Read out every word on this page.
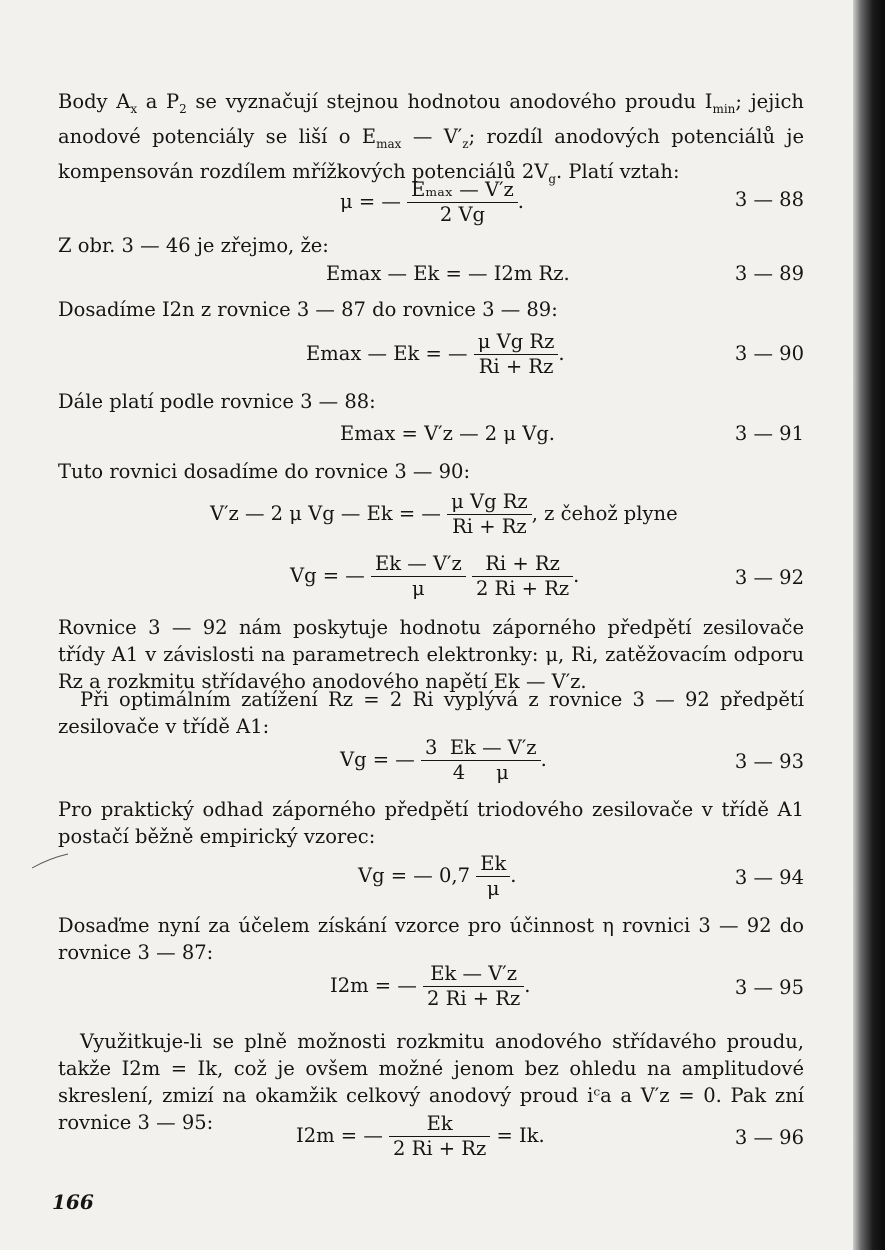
Body $A_x$ a $P_2$ se vyznačují stejnou hodnotou anodového proudu $I_{min}$; jejich anodové potenciály se liší o $E_{max}$ — $V'_z$; rozdíl anodových potenciálů je kompensován rozdílem mřížkových potenciálů $2V_g$. Platí vztah:

μ = — $\frac{\text{Eₘₐₓ — V′z}}{2 Vg}$ .	3 — 88

Z obr. 3 — 46 je zřejmo, že:

Emax — Ek = — I2m Rz.	3 — 89

Dosadíme I2n z rovnice 3 — 87 do rovnice 3 — 89:

Emax — Ek = — $\frac{\text{μ Vg Rz}}{Ri + Rz}$ .	3 — 90

Dále platí podle rovnice 3 — 88:

Emax = V′z — 2 μ Vg.	3 — 91

Tuto rovnici dosadíme do rovnice 3 — 90:

V′z — 2 μ Vg — Ek = — $\frac{\text{μ Vg Rz}}{Ri + Rz}$ , z čehož plyne
Vg = — $\frac{Ek — V'z}{\mu}$
$\frac{Ri + Rz}{2 Ri + Rz}$ .	3 — 92

Rovnice 3 — 92 nám poskytuje hodnotu záporného předpětí zesilovače třídy A1 v závislosti na parametrech elektronky: μ, Ri, zatěžovacím odporu Rz a rozkmitu střídavého anodového napětí Ek — V′z.

Při optimálním zatížení Rz = 2 Ri vyplývá z rovnice 3 — 92 předpětí zesilovače v třídě A1:

Vg = — $\frac{3 Ek — V'z}{4 \mu}$ .	3 — 93

Pro praktický odhad záporného předpětí triodového zesilovače v třídě A1 postačí běžně empirický vzorec:

Vg = — $0,7 \frac{Ek}{\mu}$ .	3 — 94

Dosaďme nyní za účelem získání vzorce pro účinnost η rovnici 3 — 92 do rovnice 3 — 87:

I2m = — $\frac{Ek — V'z}{2 Ri + Rz}$ .	3 — 95

Využitkuje-li se plně možnosti rozkmitu anodového střídavého proudu, takže I2m = Ik, což je ovšem možné jenom bez ohledu na amplitudové skreslení, zmizí na okamžik celkový anodový proud iᶜa a V′z = 0. Pak zní rovnice 3 — 95:

I2m = — $\frac{Ek}{2 Ri + Rz} = Ik$.	3 — 96
166
